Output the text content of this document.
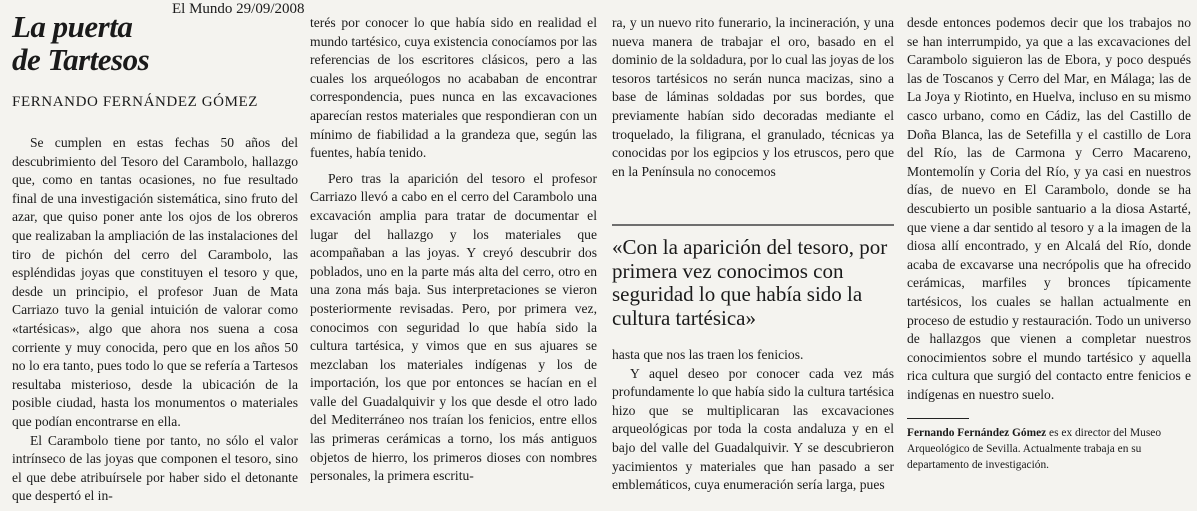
El Mundo 29/09/2008
La puerta
de Tartesos
FERNANDO FERNÁNDEZ GÓMEZ

Se cumplen en estas fechas 50 años del descubrimiento del Tesoro del Carambolo, hallazgo que, como en tantas ocasiones, no fue resultado final de una investigación sistemática, sino fruto del azar, que quiso poner ante los ojos de los obreros que realizaban la ampliación de las instalaciones del tiro de pichón del cerro del Carambolo, las espléndidas joyas que constituyen el tesoro y que, desde un principio, el profesor Juan de Mata Carriazo tuvo la genial intuición de valorar como «tartésicas», algo que ahora nos suena a cosa corriente y muy conocida, pero que en los años 50 no lo era tanto, pues todo lo que se refería a Tartesos resultaba misterioso, desde la ubicación de la posible ciudad, hasta los monumentos o materiales que podían encontrarse en ella.

El Carambolo tiene por tanto, no sólo el valor intrínseco de las joyas que componen el tesoro, sino el que debe atribuírsele por haber sido el detonante que despertó el in-

terés por conocer lo que había sido en realidad el mundo tartésico, cuya existencia conocíamos por las referencias de los escritores clásicos, pero a las cuales los arqueólogos no acababan de encontrar correspondencia, pues nunca en las excavaciones aparecían restos materiales que respondieran con un mínimo de fiabilidad a la grandeza que, según las fuentes, había tenido.

Pero tras la aparición del tesoro el profesor Carriazo llevó a cabo en el cerro del Carambolo una excavación amplia para tratar de documentar el lugar del hallazgo y los materiales que acompañaban a las joyas. Y creyó descubrir dos poblados, uno en la parte más alta del cerro, otro en una zona más baja. Sus interpretaciones se vieron posteriormente revisadas. Pero, por primera vez, conocimos con seguridad lo que había sido la cultura tartésica, y vimos que en sus ajuares se mezclaban los materiales indígenas y los de importación, los que por entonces se hacían en el valle del Guadalquivir y los que desde el otro lado del Mediterráneo nos traían los fenicios, entre ellos las primeras cerámicas a torno, los más antiguos objetos de hierro, los primeros dioses con nombres personales, la primera escritu-

ra, y un nuevo rito funerario, la incineración, y una nueva manera de trabajar el oro, basado en el dominio de la soldadura, por lo cual las joyas de los tesoros tartésicos no serán nunca macizas, sino a base de láminas soldadas por sus bordes, que previamente habían sido decoradas mediante el troquelado, la filigrana, el granulado, técnicas ya conocidas por los egipcios y los etruscos, pero que en la Península no conocemos

«Con la aparición del tesoro, por primera vez conocimos con seguridad lo que había sido la cultura tartésica»

hasta que nos las traen los fenicios.

Y aquel deseo por conocer cada vez más profundamente lo que había sido la cultura tartésica hizo que se multiplicaran las excavaciones arqueológicas por toda la costa andaluza y en el bajo del valle del Guadalquivir. Y se descubrieron yacimientos y materiales que han pasado a ser emblemáticos, cuya enumeración sería larga, pues

desde entonces podemos decir que los trabajos no se han interrumpido, ya que a las excavaciones del Carambolo siguieron las de Ebora, y poco después las de Toscanos y Cerro del Mar, en Málaga; las de La Joya y Riotinto, en Huelva, incluso en su mismo casco urbano, como en Cádiz, las del Castillo de Doña Blanca, las de Setefilla y el castillo de Lora del Río, las de Carmona y Cerro Macareno, Montemolín y Coria del Río, y ya casi en nuestros días, de nuevo en El Carambolo, donde se ha descubierto un posible santuario a la diosa Astarté, que viene a dar sentido al tesoro y a la imagen de la diosa allí encontrado, y en Alcalá del Río, donde acaba de excavarse una necrópolis que ha ofrecido cerámicas, marfiles y bronces típicamente tartésicos, los cuales se hallan actualmente en proceso de estudio y restauración. Todo un universo de hallazgos que vienen a completar nuestros conocimientos sobre el mundo tartésico y aquella rica cultura que surgió del contacto entre fenicios e indígenas en nuestro suelo.

Fernando Fernández Gómez es ex director del Museo Arqueológico de Sevilla. Actualmente trabaja en su departamento de investigación.
